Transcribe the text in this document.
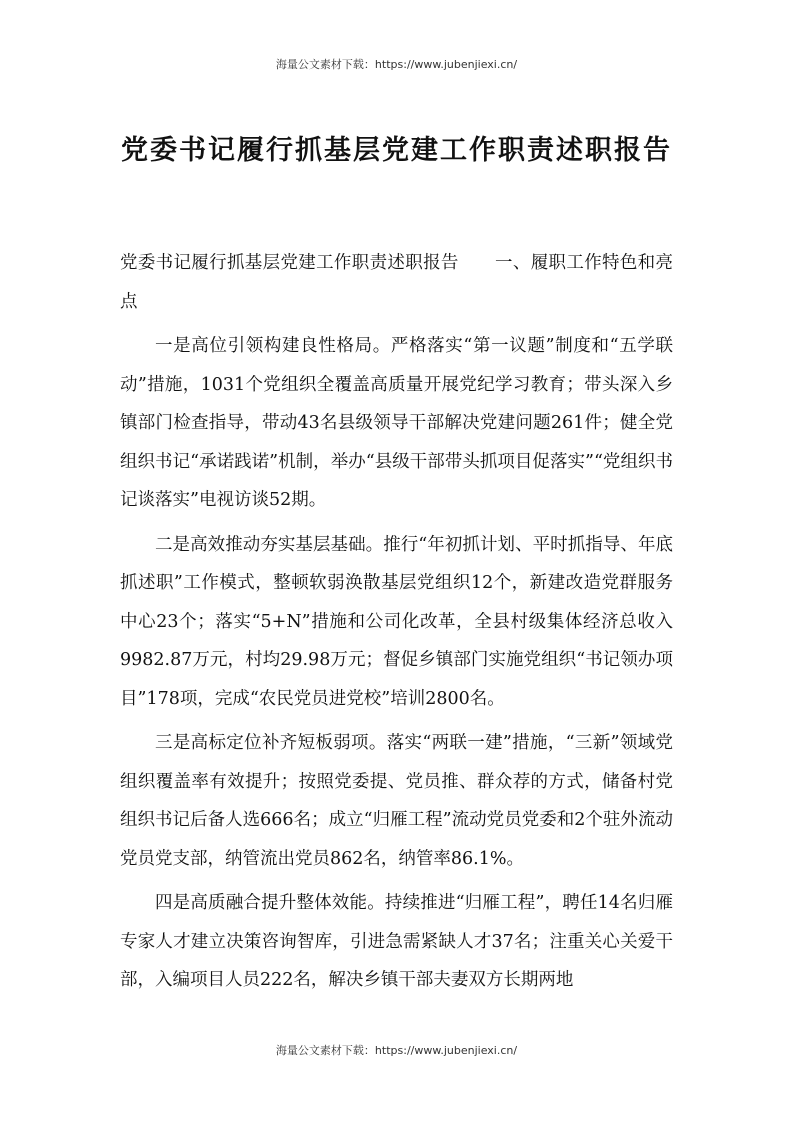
海量公文素材下载：https://www.jubenjiexi.cn/
党委书记履行抓基层党建工作职责述职报告

党委书记履行抓基层党建工作职责述职报告 一、履职工作特色和亮点

一是高位引领构建良性格局。严格落实“第一议题”制度和“五学联动”措施，1031个党组织全覆盖高质量开展党纪学习教育；带头深入乡镇部门检查指导，带动43名县级领导干部解决党建问题261件；健全党组织书记“承诺践诺”机制，举办“县级干部带头抓项目促落实”“党组织书记谈落实”电视访谈52期。

二是高效推动夯实基层基础。推行“年初抓计划、平时抓指导、年底抓述职”工作模式，整顿软弱涣散基层党组织12个，新建改造党群服务中心23个；落实“5+N”措施和公司化改革，全县村级集体经济总收入9982.87万元，村均29.98万元；督促乡镇部门实施党组织“书记领办项目”178项，完成“农民党员进党校”培训2800名。

三是高标定位补齐短板弱项。落实“两联一建”措施，“三新”领域党组织覆盖率有效提升；按照党委提、党员推、群众荐的方式，储备村党组织书记后备人选666名；成立“归雁工程”流动党员党委和2个驻外流动党员党支部，纳管流出党员862名，纳管率86.1%。

四是高质融合提升整体效能。持续推进“归雁工程”，聘任14名归雁专家人才建立决策咨询智库，引进急需紧缺人才37名；注重关心关爱干部，入编项目人员222名，解决乡镇干部夫妻双方长期两地

海量公文素材下载：https://www.jubenjiexi.cn/
